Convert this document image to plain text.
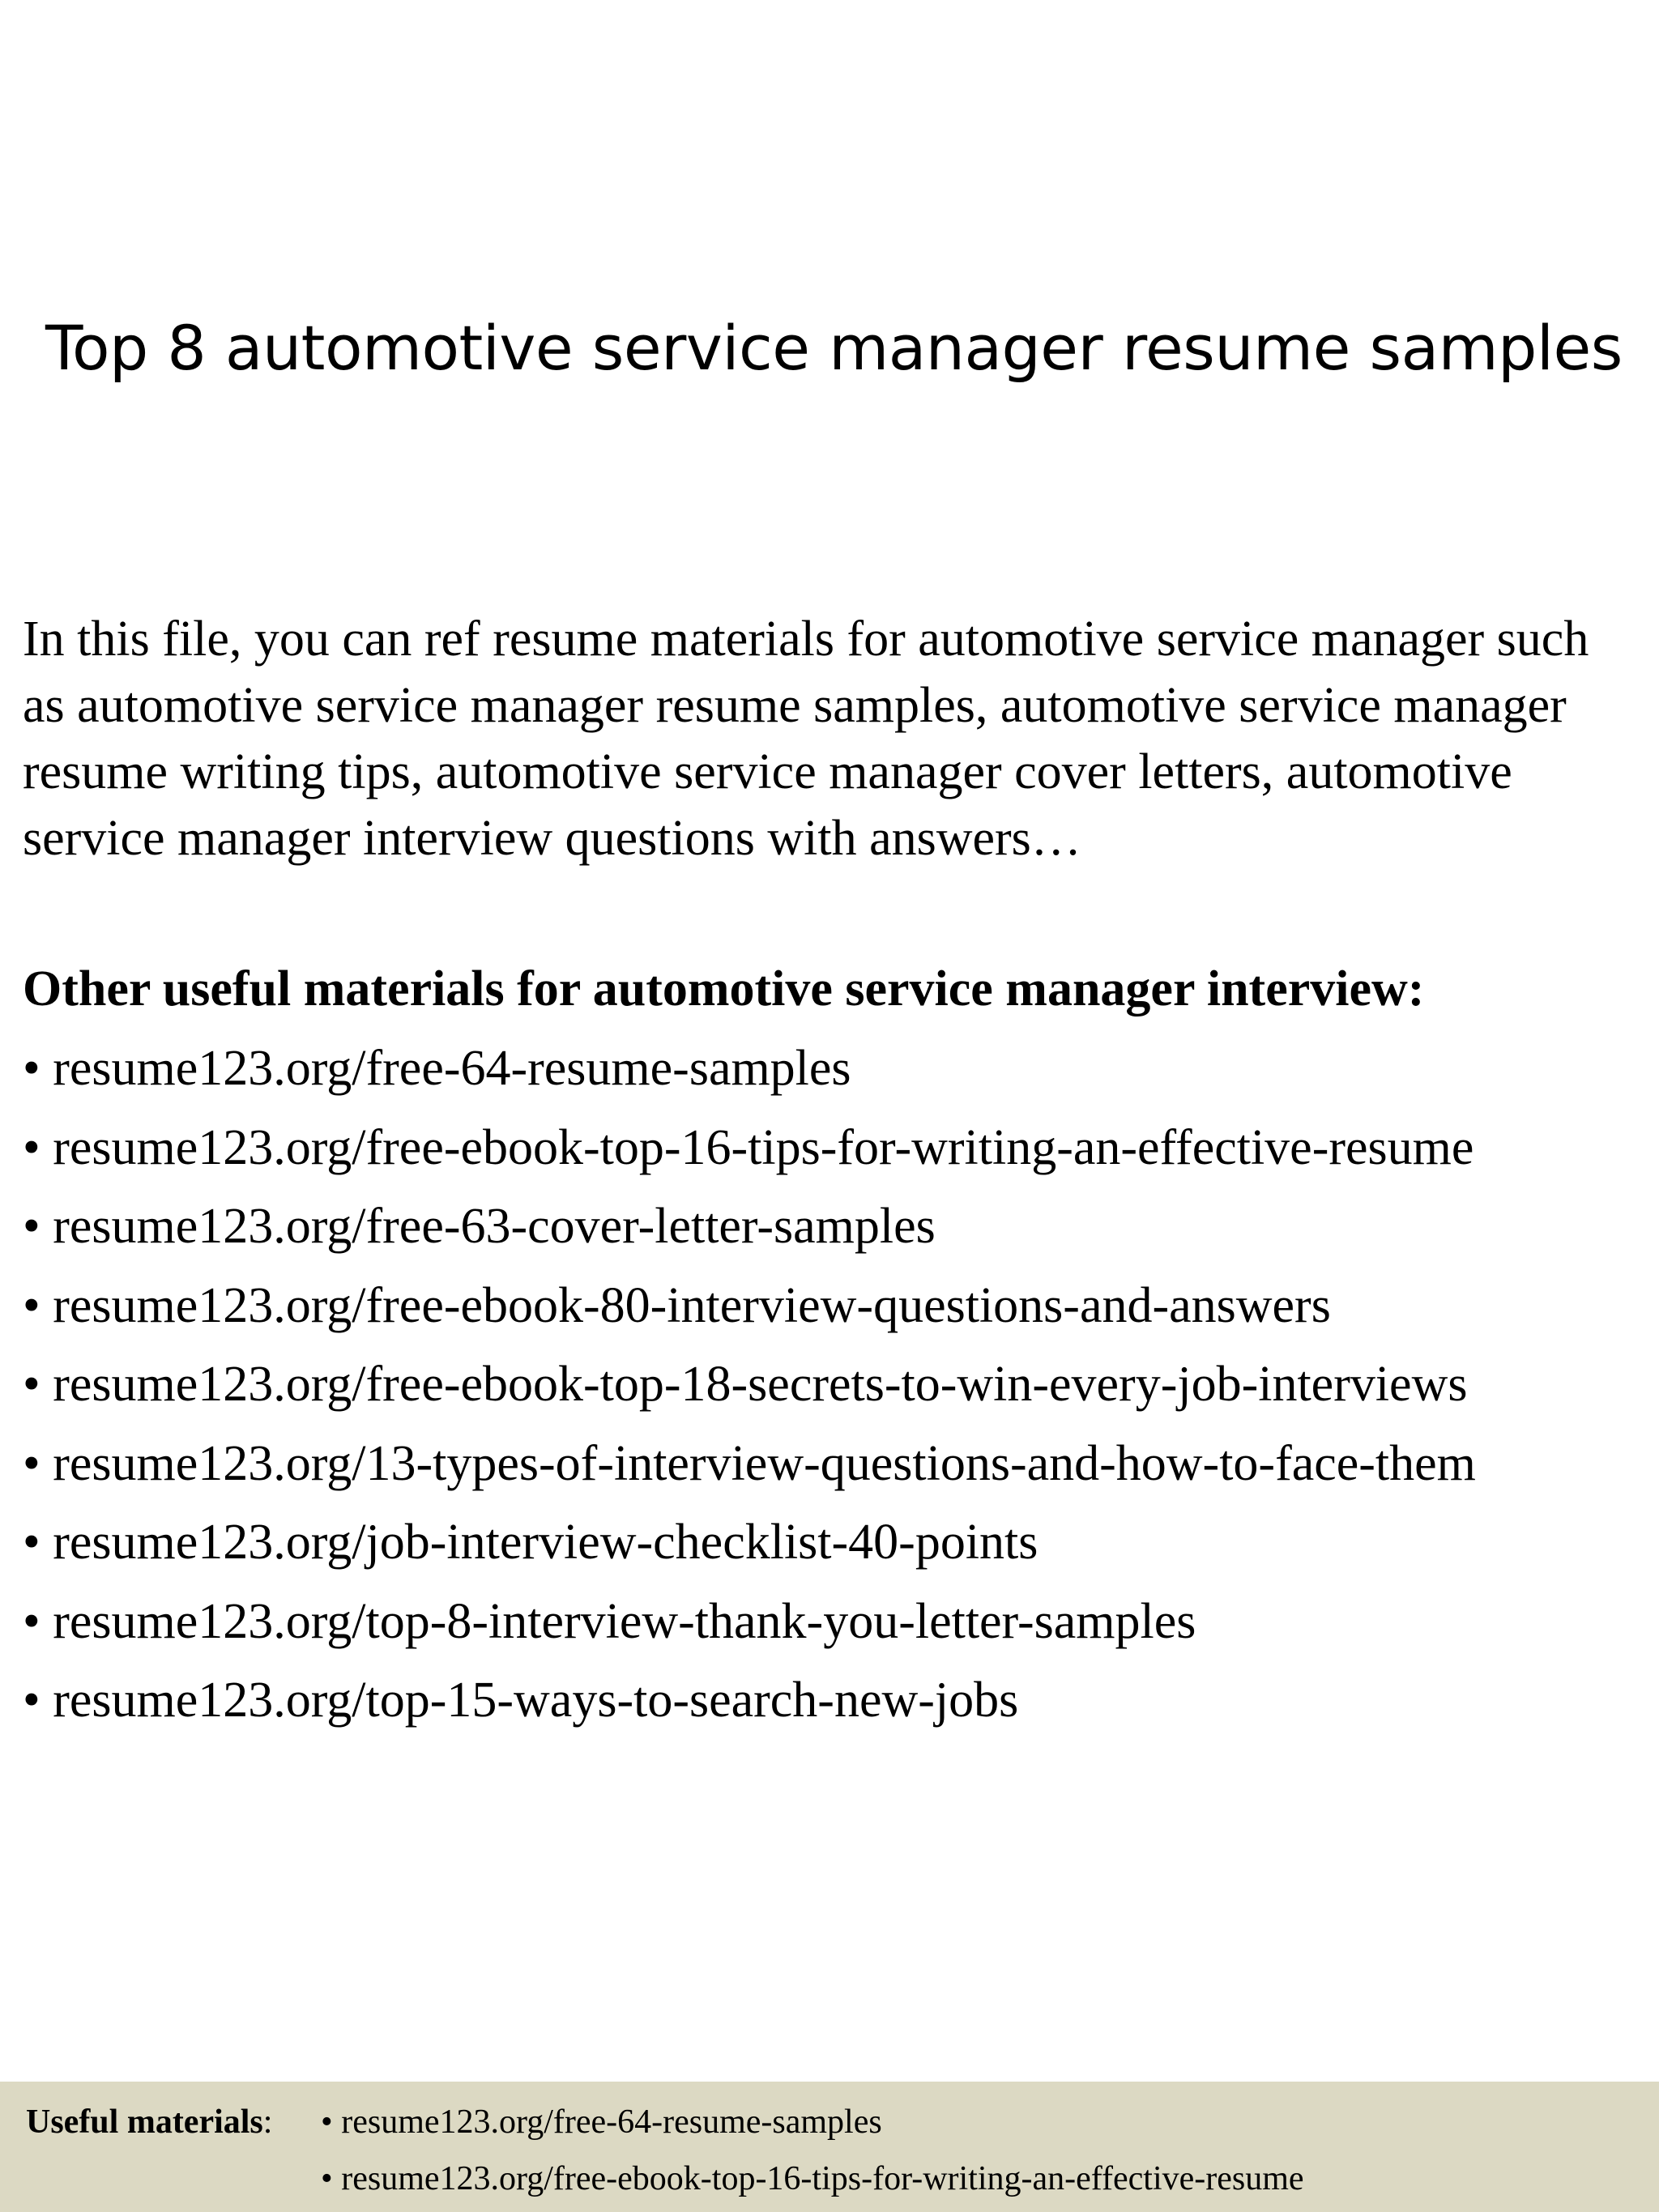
Top 8 automotive service manager resume samples

In this file, you can ref resume materials for automotive service manager such as automotive service manager resume samples, automotive service manager resume writing tips, automotive service manager cover letters, automotive service manager interview questions with answers…

Other useful materials for automotive service manager interview:
• resume123.org/free-64-resume-samples
• resume123.org/free-ebook-top-16-tips-for-writing-an-effective-resume
• resume123.org/free-63-cover-letter-samples
• resume123.org/free-ebook-80-interview-questions-and-answers
• resume123.org/free-ebook-top-18-secrets-to-win-every-job-interviews
• resume123.org/13-types-of-interview-questions-and-how-to-face-them
• resume123.org/job-interview-checklist-40-points
• resume123.org/top-8-interview-thank-you-letter-samples
• resume123.org/top-15-ways-to-search-new-jobs
Useful materials: • resume123.org/free-64-resume-samples
• resume123.org/free-ebook-top-16-tips-for-writing-an-effective-resume
